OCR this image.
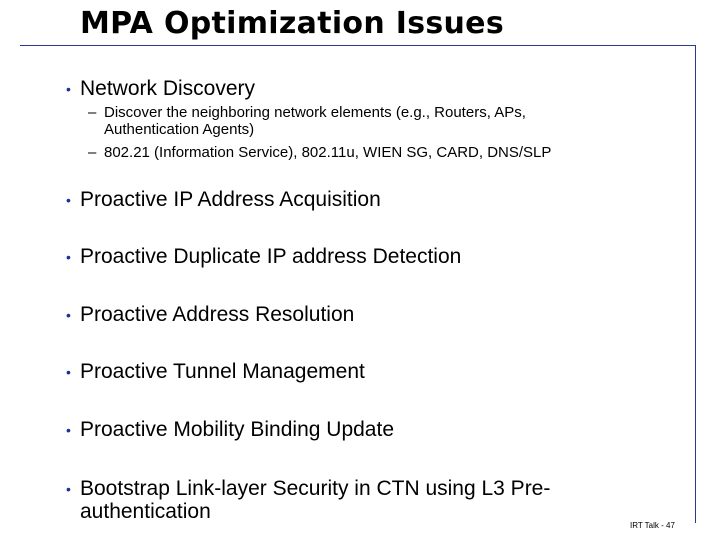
MPA Optimization Issues
• Network Discovery
– Discover the neighboring network elements (e.g., Routers, APs,
Authentication Agents)
– 802.21 (Information Service), 802.11u, WIEN SG, CARD, DNS/SLP
• Proactive IP Address Acquisition
• Proactive Duplicate IP address Detection
• Proactive Address Resolution
• Proactive Tunnel Management
• Proactive Mobility Binding Update
• Bootstrap Link-layer Security in CTN using L3 Pre-
authentication
IRT Talk - 47
